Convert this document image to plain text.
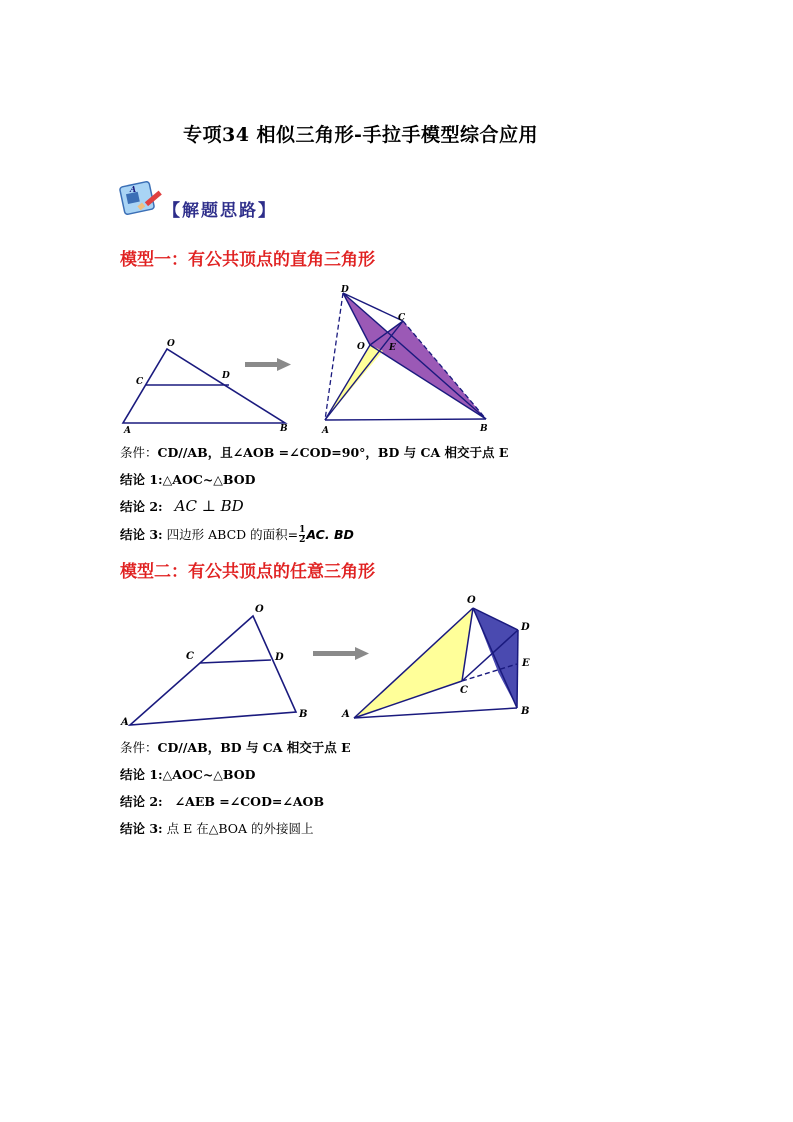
专项34 相似三角形-手拉手模型综合应用
A
【解题思路】
模型一：有公共顶点的直角三角形
O
C
D
A	B
D
C
O	E
A	B
条件：CD//AB，且∠AOB =∠COD=90°，BD 与 CA 相交于点 E
结论 1:△AOC~△BOD
结论 2: AC ⊥ BD
结论 3: 四边形 ABCD 的面积= $\frac{1}{2}$ AC. BD
模型二：有公共顶点的任意三角形
O
C	D
A
B
O
D
E
C
A	B
条件：CD//AB，BD 与 CA 相交于点 E
结论 1:△AOC~△BOD
结论 2: ∠AEB =∠COD=∠AOB
结论 3: 点 E 在△BOA 的外接圆上
